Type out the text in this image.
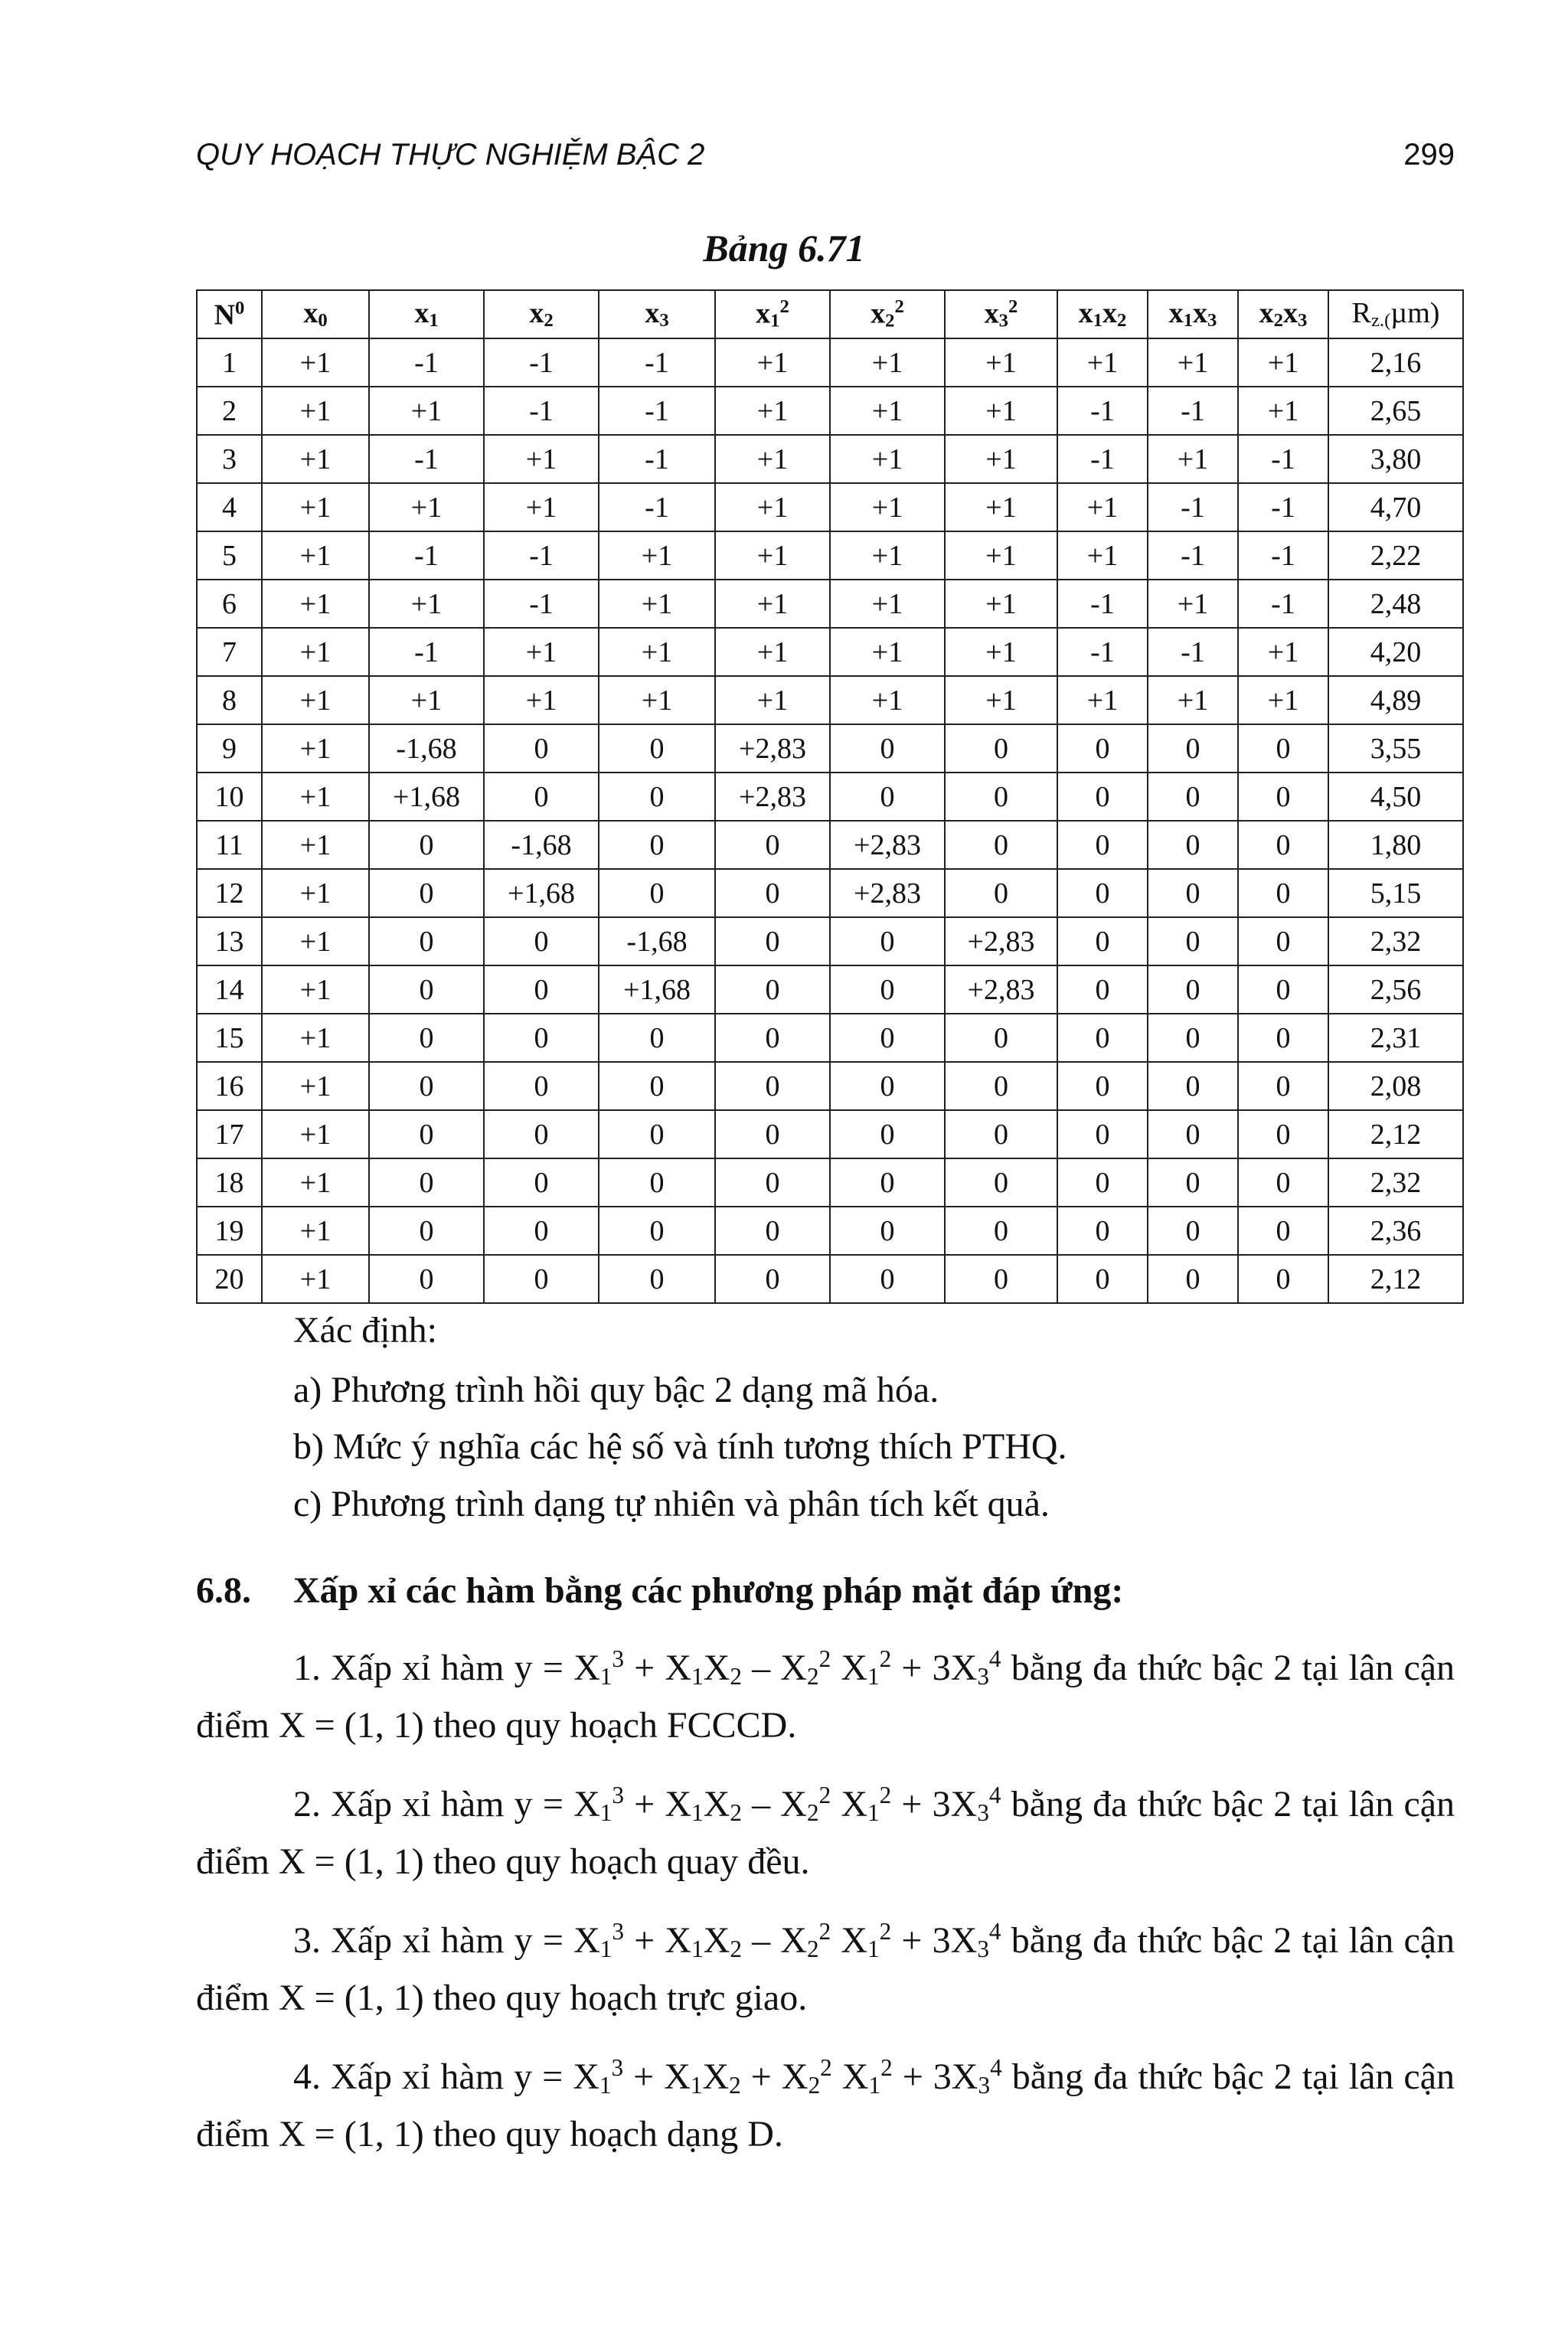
QUY HOẠCH THỰC NGHIỆM BẬC 2	299
Bảng 6.71
$N^0$	$x_0$	$x_1$	$x_2$	$x_3$	$x_1^2$	$x_2^2$	$x_3^2$	$x_1x_2$	$x_1x_3$	$x_2x_3$	$R_{z.(}\mu m$)
1	+1	-1	-1	-1	+1	+1	+1	+1	+1	+1	2,16
2	+1	+1	-1	-1	+1	+1	+1	-1	-1	+1	2,65
3	+1	-1	+1	-1	+1	+1	+1	-1	+1	-1	3,80
4	+1	+1	+1	-1	+1	+1	+1	+1	-1	-1	4,70
5	+1	-1	-1	+1	+1	+1	+1	+1	-1	-1	2,22
6	+1	+1	-1	+1	+1	+1	+1	-1	+1	-1	2,48
7	+1	-1	+1	+1	+1	+1	+1	-1	-1	+1	4,20
8	+1	+1	+1	+1	+1	+1	+1	+1	+1	+1	4,89
9	+1	-1,68	0	0	+2,83	0	0	0	0	0	3,55
10	+1	+1,68	0	0	+2,83	0	0	0	0	0	4,50
11	+1	0	-1,68	0	0	+2,83	0	0	0	0	1,80
12	+1	0	+1,68	0	0	+2,83	0	0	0	0	5,15
13	+1	0	0	-1,68	0	0	+2,83	0	0	0	2,32
14	+1	0	0	+1,68	0	0	+2,83	0	0	0	2,56
15	+1	0	0	0	0	0	0	0	0	0	2,31
16	+1	0	0	0	0	0	0	0	0	0	2,08
17	+1	0	0	0	0	0	0	0	0	0	2,12
18	+1	0	0	0	0	0	0	0	0	0	2,32
19	+1	0	0	0	0	0	0	0	0	0	2,36
20	+1	0	0	0	0	0	0	0	0	0	2,12
Xác định:
a) Phương trình hồi quy bậc 2 dạng mã hóa.
b) Mức ý nghĩa các hệ số và tính tương thích PTHQ.
c) Phương trình dạng tự nhiên và phân tích kết quả.
6.8. Xấp xỉ các hàm bằng các phương pháp mặt đáp ứng:
1. Xấp xỉ hàm $y = X_1^3 + X_1X_2 - X_2^2$ $X_1^2 + 3X_3^4$ bằng đa thức bậc 2 tại lân cận điểm X = (1, 1) theo quy hoạch FCCCD.
2. Xấp xỉ hàm $y = X_1^3 + X_1X_2 - X_2^2$ $X_1^2 + 3X_3^4$ bằng đa thức bậc 2 tại lân cận điểm X = (1, 1) theo quy hoạch quay đều.
3. Xấp xỉ hàm $y = X_1^3 + X_1X_2 - X_2^2$ $X_1^2 + 3X_3^4$ bằng đa thức bậc 2 tại lân cận điểm X = (1, 1) theo quy hoạch trực giao.
4. Xấp xỉ hàm $y = X_1^3 + X_1X_2 + X_2^2$ $X_1^2 + 3X_3^4$ bằng đa thức bậc 2 tại lân cận điểm X = (1, 1) theo quy hoạch dạng D.
